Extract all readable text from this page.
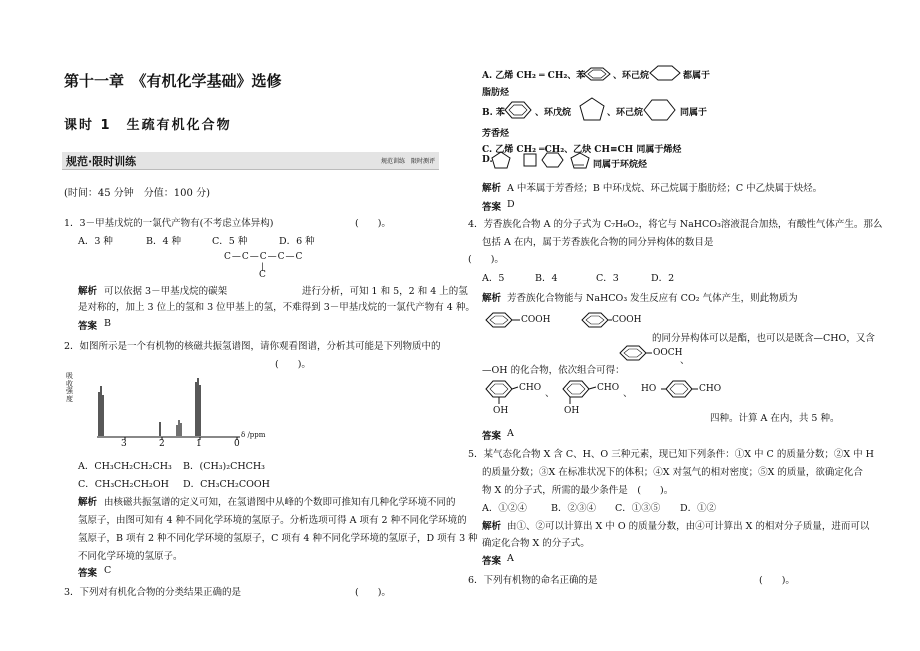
第十一章　《有机化学基础》选修
课时 1　生疏有机化合物
规范·限时训练	规范训练　限时测评
(时间：45 分钟　分值：100 分)
1．3－甲基戊烷的一氯代产物有(不考虑立体异构)	(　　)。
A．3 种	B．4 种	C．5 种	D．6 种
C—C—C—C—C
|
C
解析 可以依据 3－甲基戊烷的碳架	进行分析，可知 1 和 5，2 和 4 上的氢
是对称的，加上 3 位上的氢和 3 位甲基上的氢，不难得到 3－甲基戊烷的一氯代产物有 4 种。
答案 B
2．如图所示是一个有机物的核磁共振氢谱图，请你观看图谱，分析其可能是下列物质中的
(　　)。
吸
收
强
度
3	2	1	0
δ /ppm
A．CH₃CH₂CH₂CH₃ B．(CH₃)₂CHCH₃
C．CH₃CH₂CH₂OH D．CH₃CH₂COOH
解析 由核磁共振氢谱的定义可知，在氢谱图中从峰的个数即可推知有几种化学环境不同的
氢原子，由图可知有 4 种不同化学环境的氢原子。分析选项可得 A 项有 2 种不同化学环境的
氢原子，B 项有 2 种不同化学环境的氢原子，C 项有 4 种不同化学环境的氢原子，D 项有 3 种
不同化学环境的氢原子。
答案 C
3．下列对有机化合物的分类结果正确的是	(　　)。
A. 乙烯 CH₂ ═ CH₂、苯	、环己烷	都属于
脂肪烃
B. 苯	、环戊烷	、环己烷	同属于
芳香烃
C. 乙烯 CH₂ ═CH₂、乙炔 CH≡CH 同属于烯烃
D.	同属于环烷烃
解析 A 中苯属于芳香烃；B 中环戊烷、环己烷属于脂肪烃；C 中乙炔属于炔烃。
答案 D
4．芳香族化合物 A 的分子式为 C₇H₆O₂，将它与 NaHCO₃溶液混合加热，有酸性气体产生。那么
包括 A 在内，属于芳香族化合物的同分异构体的数目是
(　　)。
A．5	B．4	C．3	D．2
解析 芳香族化合物能与 NaHCO₃ 发生反应有 CO₂ 气体产生，则此物质为
COOH	COOH
的同分异构体可以是酯，也可以是既含—CHO，又含
OOCH
、
—OH 的化合物，依次组合可得：
CHO
OH
、	CHO
OH
、 HO	CHO
四种。计算 A 在内，共 5 种。
答案 A
5．某气态化合物 X 含 C、H、O 三种元素，现已知下列条件：①X 中 C 的质量分数；②X 中 H
的质量分数；③X 在标准状况下的体积；④X 对氢气的相对密度；⑤X 的质量，欲确定化合
物 X 的分子式，所需的最少条件是　(　　)。
A．①②④	B．②③④ C．①③⑤ D．①②
解析 由①、②可以计算出 X 中 O 的质量分数，由④可计算出 X 的相对分子质量，进而可以
确定化合物 X 的分子式。
答案 A
6．下列有机物的命名正确的是	(　　)。
